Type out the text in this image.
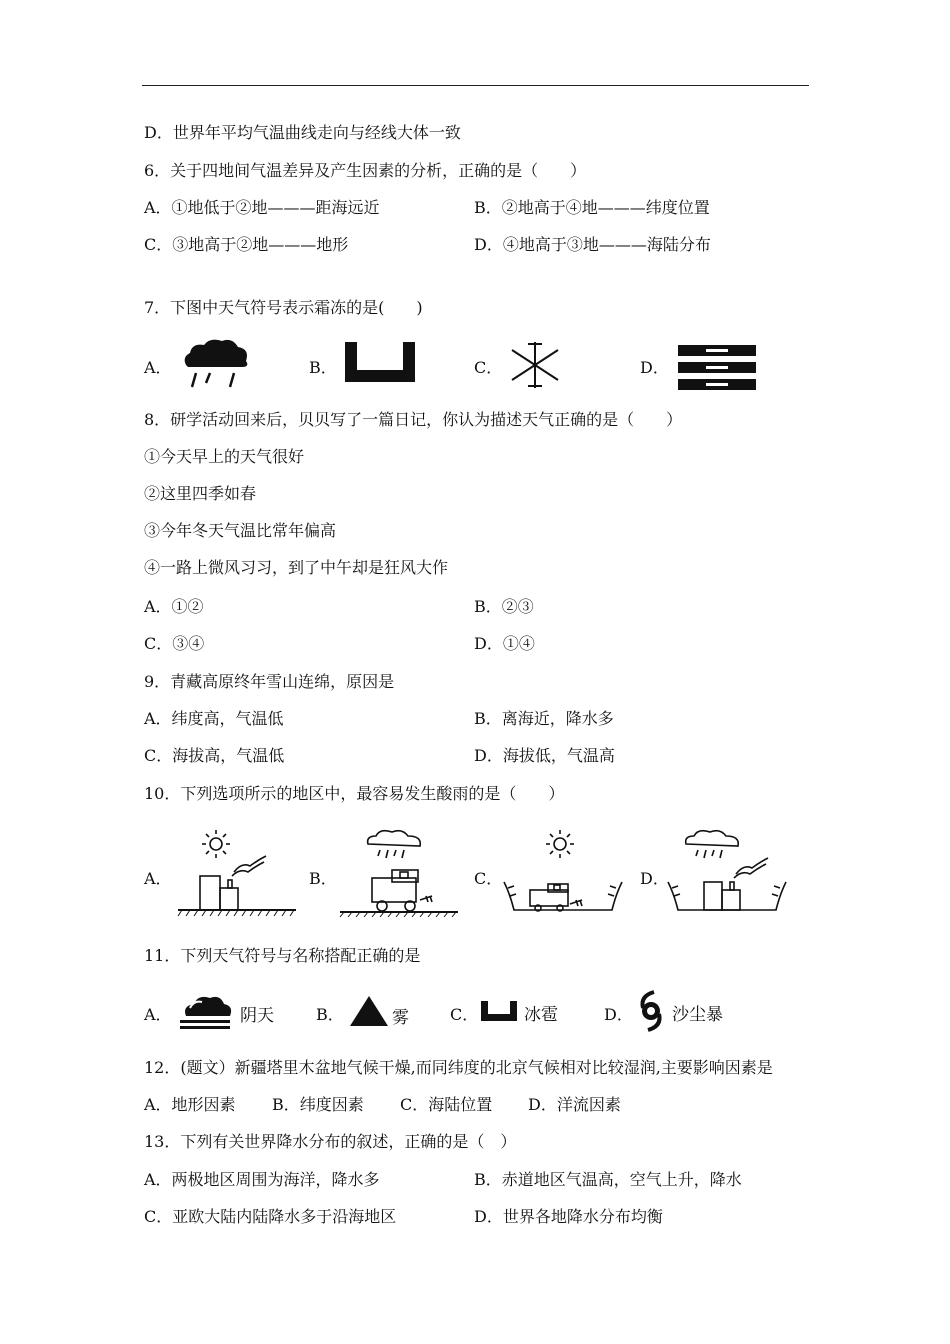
D．世界年平均气温曲线走向与经线大体一致
6．关于四地间气温差异及产生因素的分析，正确的是（　　）
A．①地低于②地———距海远近	B．②地高于④地———纬度位置
C．③地高于②地———地形	D．④地高于③地———海陆分布
7．下图中天气符号表示霜冻的是(　　)
A．	B．	C．	D．
8．研学活动回来后，贝贝写了一篇日记，你认为描述天气正确的是（　　）
①今天早上的天气很好
②这里四季如春
③今年冬天气温比常年偏高
④一路上微风习习，到了中午却是狂风大作
A．①②	B．②③
C．③④	D．①④
9．青藏高原终年雪山连绵，原因是
A．纬度高，气温低	B．离海近，降水多
C．海拔高，气温低	D．海拔低，气温高
10．下列选项所示的地区中，最容易发生酸雨的是（　　）
A．	B．	C．	D．
11．下列天气符号与名称搭配正确的是
A．	阴天	B．	雾	C．	冰雹	D． 沙尘暴
12．(题文）新疆塔里木盆地气候干燥,而同纬度的北京气候相对比较湿润,主要影响因素是
A．地形因素 B．纬度因素 C．海陆位置 D．洋流因素
13．下列有关世界降水分布的叙述，正确的是（　）
A．两极地区周围为海洋，降水多	B．赤道地区气温高，空气上升，降水
C．亚欧大陆内陆降水多于沿海地区	D．世界各地降水分布均衡
